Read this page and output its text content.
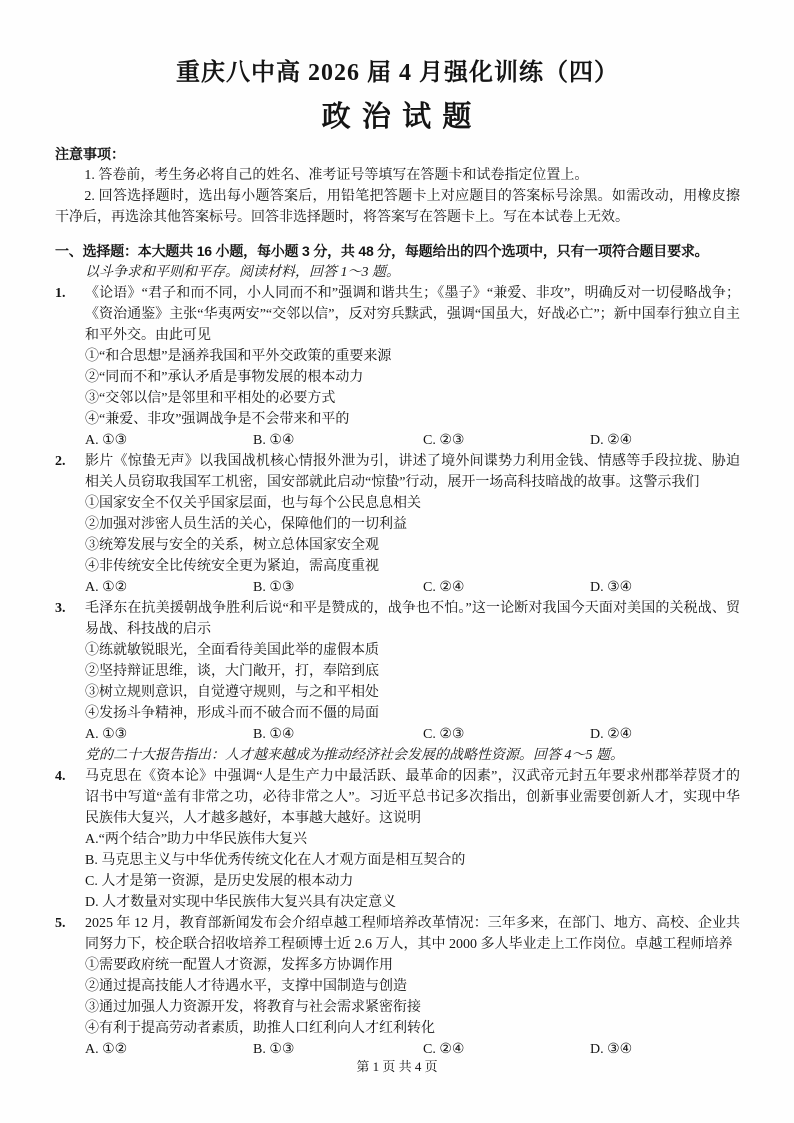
重庆八中高 2026 届 4 月强化训练（四）
政 治 试 题
注意事项：

1. 答卷前，考生务必将自己的姓名、准考证号等填写在答题卡和试卷指定位置上。

2. 回答选择题时，选出每小题答案后，用铅笔把答题卡上对应题目的答案标号涂黑。如需改动，用橡皮擦干净后，再选涂其他答案标号。回答非选择题时，将答案写在答题卡上。写在本试卷上无效。

一、选择题：本大题共 16 小题，每小题 3 分，共 48 分，每题给出的四个选项中，只有一项符合题目要求。

以斗争求和平则和平存。阅读材料，回答 1～3 题。

1. 《论语》“君子和而不同，小人同而不和”强调和谐共生；《墨子》“兼爱、非攻”，明确反对一切侵略战争；《资治通鉴》主张“华夷两安”“交邻以信”，反对穷兵黩武，强调“国虽大，好战必亡”；新中国奉行独立自主和平外交。由此可见

①“和合思想”是涵养我国和平外交政策的重要来源

②“同而不和”承认矛盾是事物发展的根本动力

③“交邻以信”是邻里和平相处的必要方式

④“兼爱、非攻”强调战争是不会带来和平的

A. ①③	B. ①④	C. ②③	D. ②④
2. 影片《惊蛰无声》以我国战机核心情报外泄为引，讲述了境外间谍势力利用金钱、情感等手段拉拢、胁迫相关人员窃取我国军工机密，国安部就此启动“惊蛰”行动，展开一场高科技暗战的故事。这警示我们

①国家安全不仅关乎国家层面，也与每个公民息息相关

②加强对涉密人员生活的关心，保障他们的一切利益

③统筹发展与安全的关系，树立总体国家安全观

④非传统安全比传统安全更为紧迫，需高度重视

A. ①②	B. ①③	C. ②④	D. ③④
3. 毛泽东在抗美援朝战争胜利后说“和平是赞成的，战争也不怕。”这一论断对我国今天面对美国的关税战、贸易战、科技战的启示

①练就敏锐眼光，全面看待美国此举的虚假本质

②坚持辩证思维，谈，大门敞开，打，奉陪到底

③树立规则意识，自觉遵守规则，与之和平相处

④发扬斗争精神，形成斗而不破合而不僵的局面

A. ①③	B. ①④	C. ②③	D. ②④

党的二十大报告指出：人才越来越成为推动经济社会发展的战略性资源。回答 4～5 题。

4. 马克思在《资本论》中强调“人是生产力中最活跃、最革命的因素”，汉武帝元封五年要求州郡举荐贤才的诏书中写道“盖有非常之功，必待非常之人”。习近平总书记多次指出，创新事业需要创新人才，实现中华民族伟大复兴，人才越多越好，本事越大越好。这说明

A.“两个结合”助力中华民族伟大复兴

B. 马克思主义与中华优秀传统文化在人才观方面是相互契合的

C. 人才是第一资源，是历史发展的根本动力

D. 人才数量对实现中华民族伟大复兴具有决定意义

5. 2025 年 12 月，教育部新闻发布会介绍卓越工程师培养改革情况：三年多来，在部门、地方、高校、企业共同努力下，校企联合招收培养工程硕博士近 2.6 万人，其中 2000 多人毕业走上工作岗位。卓越工程师培养

①需要政府统一配置人才资源，发挥多方协调作用

②通过提高技能人才待遇水平，支撑中国制造与创造

③通过加强人力资源开发，将教育与社会需求紧密衔接

④有利于提高劳动者素质，助推人口红利向人才红利转化

A. ①②	B. ①③	C. ②④	D. ③④
第 1 页 共 4 页
